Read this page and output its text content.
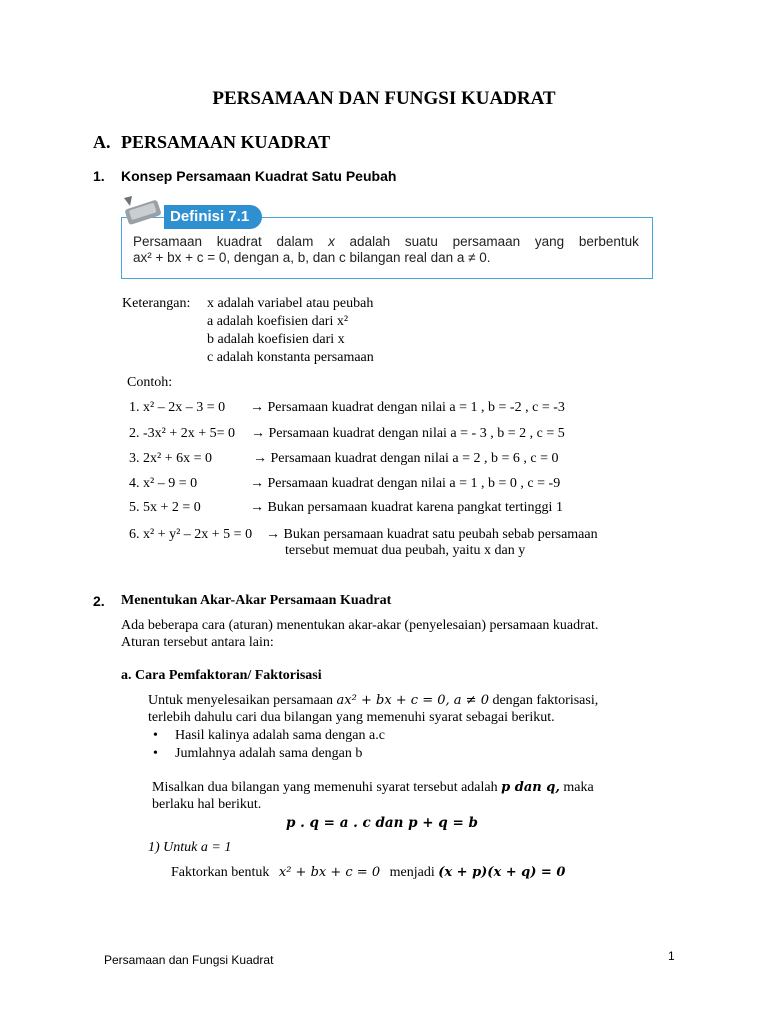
PERSAMAAN DAN FUNGSI KUADRAT
A. PERSAMAAN KUADRAT
1. Konsep Persamaan Kuadrat Satu Peubah
Definisi 7.1
Persamaan kuadrat dalam x adalah suatu persamaan yang berbentuk
ax² + bx + c = 0, dengan a, b, dan c bilangan real dan a ≠ 0.
Keterangan: x adalah variabel atau peubah
a adalah koefisien dari x²
b adalah koefisien dari x
c adalah konstanta persamaan
Contoh:
1. x² – 2x – 3 = 0 → Persamaan kuadrat dengan nilai a = 1 , b = -2 , c = -3
2. -3x² + 2x + 5= 0 → Persamaan kuadrat dengan nilai a = - 3 , b = 2 , c = 5
3. 2x² + 6x = 0	→ Persamaan kuadrat dengan nilai a = 2 , b = 6 , c = 0
4. x² – 9 = 0	→ Persamaan kuadrat dengan nilai a = 1 , b = 0 , c = -9
5. 5x + 2 = 0	→ Bukan persamaan kuadrat karena pangkat tertinggi 1
6. x² + y² – 2x + 5 = 0 → Bukan persamaan kuadrat satu peubah sebab persamaan
tersebut memuat dua peubah, yaitu x dan y
2. Menentukan Akar-Akar Persamaan Kuadrat
Ada beberapa cara (aturan) menentukan akar-akar (penyelesaian) persamaan kuadrat.
Aturan tersebut antara lain:
a. Cara Pemfaktoran/ Faktorisasi
Untuk menyelesaikan persamaan ax² + bx + c = 0, a ≠ 0 dengan faktorisasi,
terlebih dahulu cari dua bilangan yang memenuhi syarat sebagai berikut.
• Hasil kalinya adalah sama dengan a.c
• Jumlahnya adalah sama dengan b
Misalkan dua bilangan yang memenuhi syarat tersebut adalah p dan q, maka
berlaku hal berikut.
p . q = a . c dan p + q = b
1) Untuk a = 1
Faktorkan bentuk x² + bx + c = 0 menjadi (x + p)(x + q) = 0
Persamaan dan Fungsi Kuadrat	1
